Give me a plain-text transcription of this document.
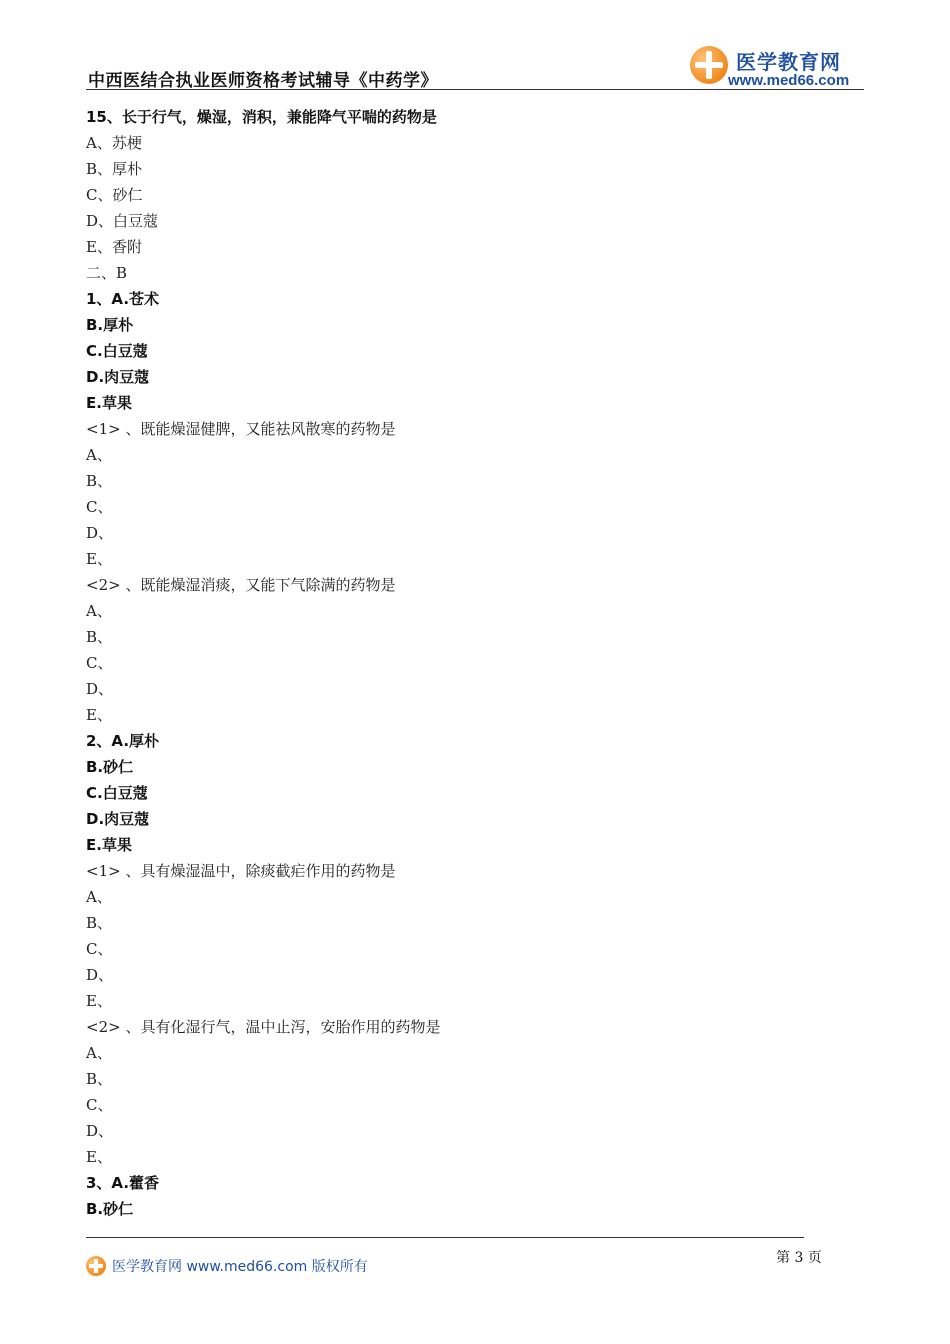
中西医结合执业医师资格考试辅导《中药学》
医学教育网
www.med66.com
15、长于行气，燥湿，消积，兼能降气平喘的药物是
A、苏梗
B、厚朴
C、砂仁
D、白豆蔻
E、香附
二、B
1、A.苍术
B.厚朴
C.白豆蔻
D.肉豆蔻
E.草果
<1> 、既能燥湿健脾，又能祛风散寒的药物是
A、
B、
C、
D、
E、
<2> 、既能燥湿消痰，又能下气除满的药物是
A、
B、
C、
D、
E、
2、A.厚朴
B.砂仁
C.白豆蔻
D.肉豆蔻
E.草果
<1> 、具有燥湿温中，除痰截疟作用的药物是
A、
B、
C、
D、
E、
<2> 、具有化湿行气，温中止泻，安胎作用的药物是
A、
B、
C、
D、
E、
3、A.藿香
B.砂仁
第 3 页
医学教育网 www.med66.com 版权所有
